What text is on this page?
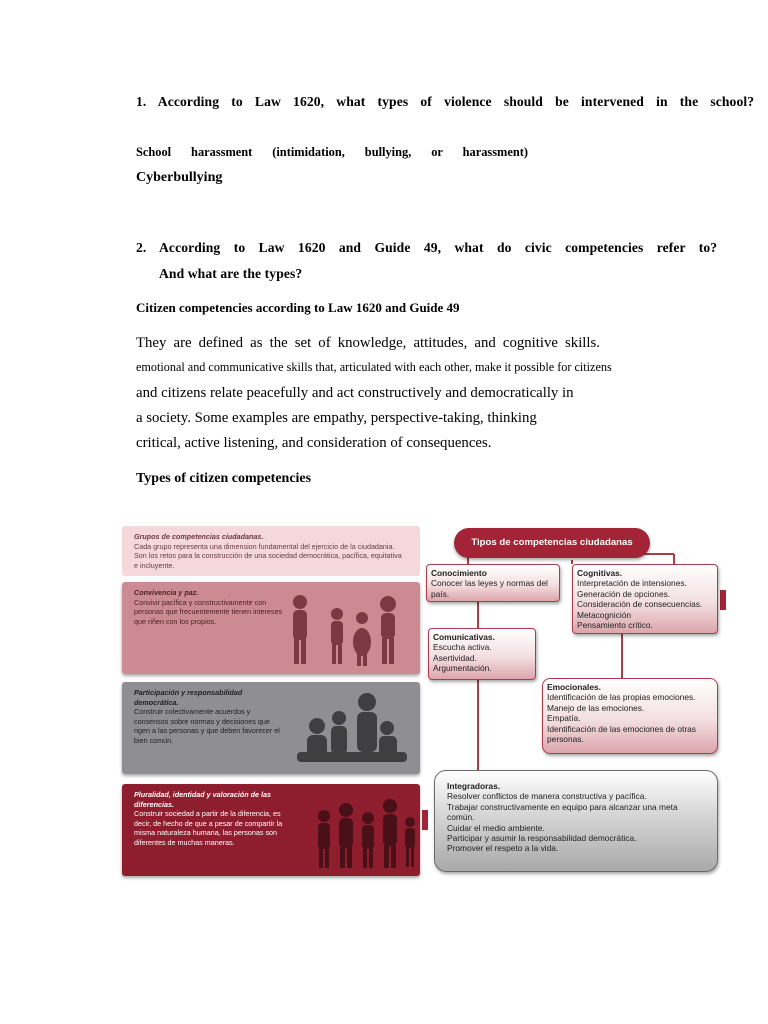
1. According to Law 1620, what types of violence should be intervened in the school?
School harassment (intimidation, bullying, or harassment)
Cyberbullying
2. According to Law 1620 and Guide 49, what do civic competencies refer to?
And what are the types?
Citizen competencies according to Law 1620 and Guide 49
They are defined as the set of knowledge, attitudes, and cognitive skills.
emotional and communicative skills that, articulated with each other, make it possible for citizens
and citizens relate peacefully and act constructively and democratically in
a society. Some examples are empathy, perspective-taking, thinking
critical, active listening, and consideration of consequences.
Types of citizen competencies
Grupos de competencias ciudadanas.
Cada grupo representa una dimension fundamental del ejercicio de la ciudadania. Son los retos para la construcción de una sociedad democrática, pacífica, equitativa e incluyente.
Convivencia y paz.
Convivir pacífica y constructivamente con personas que frecuentemente tienen intereses que riñen con los propios.
Participación y responsabilidad democrática.
Construir colectivamente acuerdos y consensos sobre normas y decisiones que rigen a las personas y que deben favorecer el bien común.
Pluralidad, identidad y valoración de las diferencias.
Construir sociedad a partir de la diferencia, es decir, de hecho de que a pesar de compartir la misma naturaleza humana, las personas son diferentes de muchas maneras.
Tipos de competencias ciudadanas
Conocimiento
Conocer las leyes y normas del país.
Cognitivas.
Interpretación de intensiones.
Generación de opciones.
Consideración de consecuencias.
Metacognición
Pensamiento crítico.
Comunicativas.
Escucha activa.
Asertividad.
Argumentación.
Emocionales.
Identificación de las propias emociones.
Manejo de las emociones.
Empatía.
Identificación de las emociones de otras personas.
Integradoras.
Resolver conflictos de manera constructiva y pacífica.
Trabajar constructivamente en equipo para alcanzar una meta común.
Cuidar el medio ambiente.
Participar y asumir la responsabilidad democrática.
Promover el respeto a la vida.
